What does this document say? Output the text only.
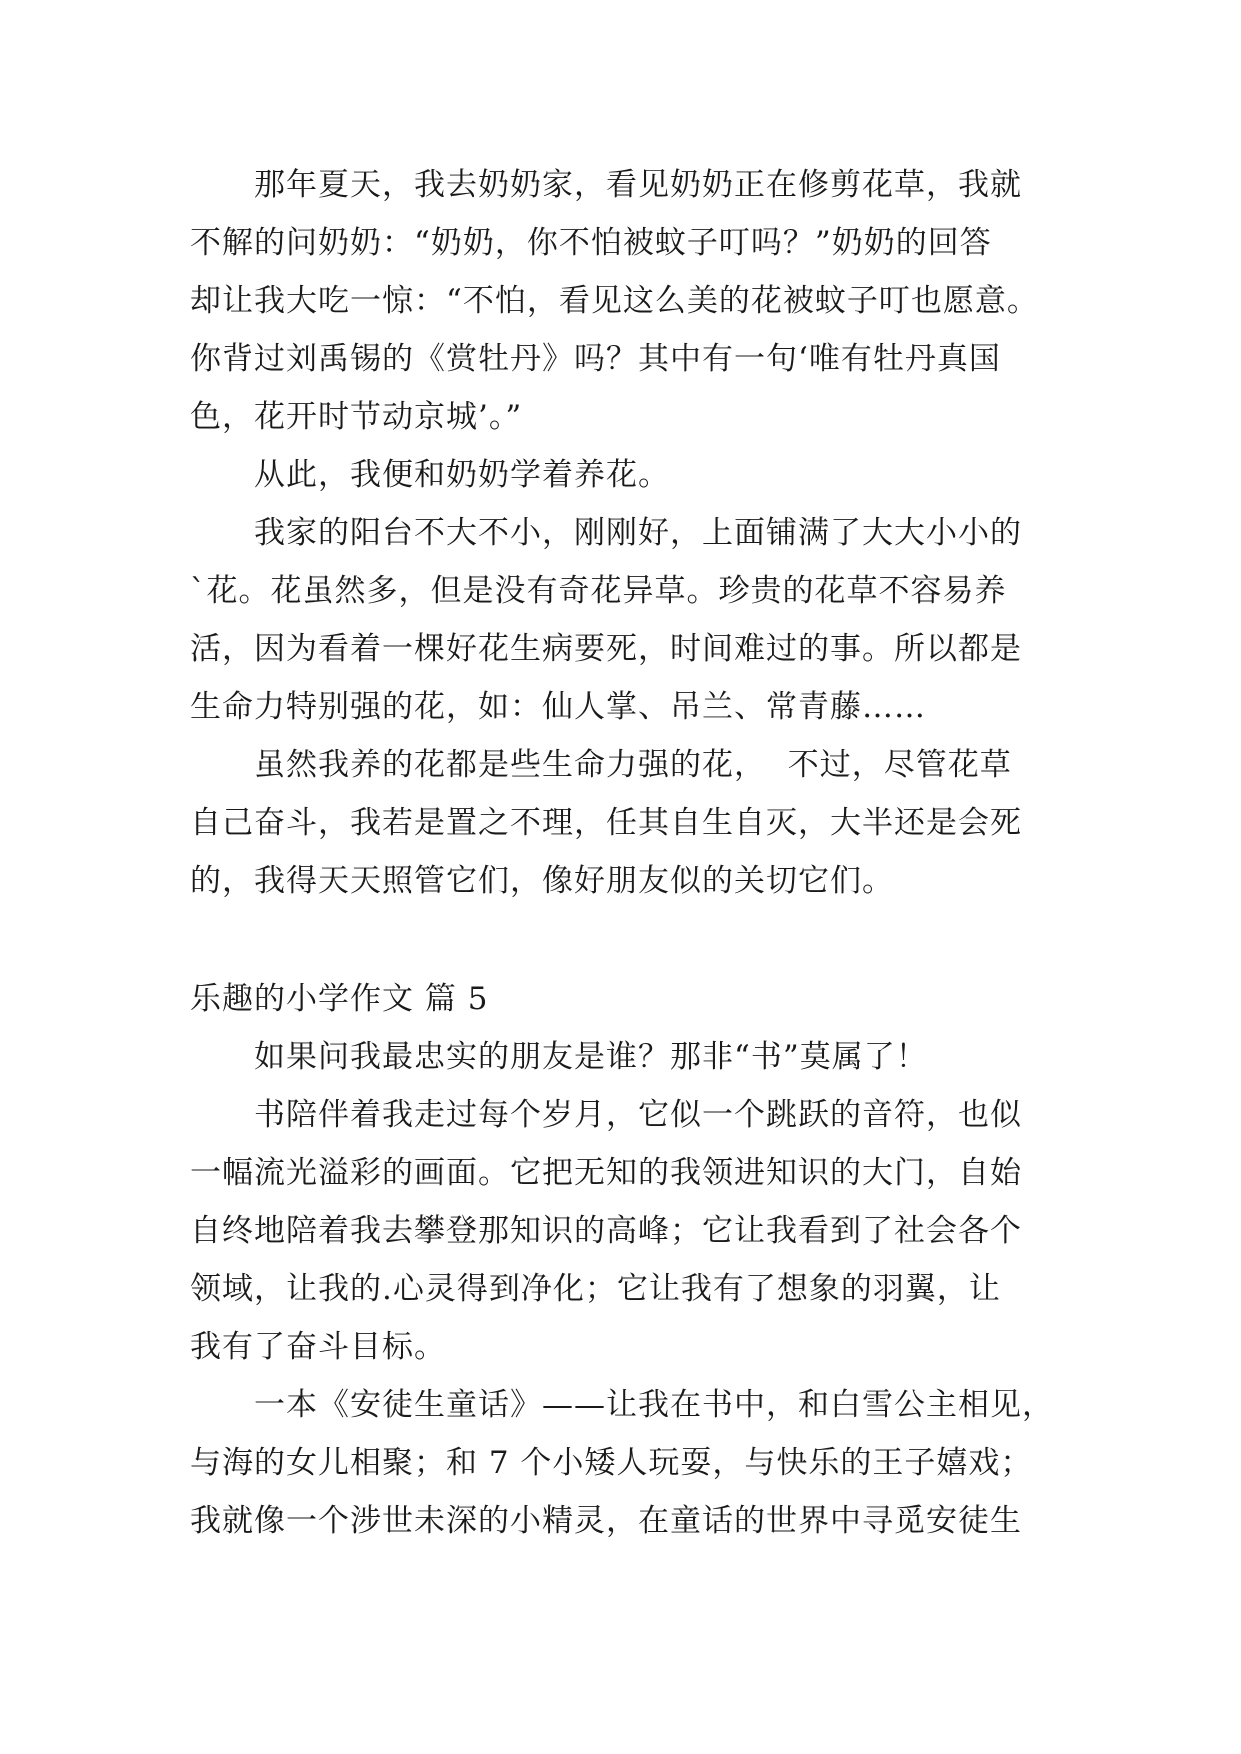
　　那年夏天，我去奶奶家，看见奶奶正在修剪花草，我就
不解的问奶奶：“奶奶，你不怕被蚊子叮吗？”奶奶的回答
却让我大吃一惊：“不怕，看见这么美的花被蚊子叮也愿意。
你背过刘禹锡的《赏牡丹》吗？其中有一句‘唯有牡丹真国
色，花开时节动京城’。”
　　从此，我便和奶奶学着养花。
　　我家的阳台不大不小，刚刚好，上面铺满了大大小小的
`花。花虽然多，但是没有奇花异草。珍贵的花草不容易养
活，因为看着一棵好花生病要死，时间难过的事。所以都是
生命力特别强的花，如：仙人掌、吊兰、常青藤……
　　虽然我养的花都是些生命力强的花，  不过，尽管花草
自己奋斗，我若是置之不理，任其自生自灭，大半还是会死
的，我得天天照管它们，像好朋友似的关切它们。
乐趣的小学作文 篇 5
　　如果问我最忠实的朋友是谁？那非“书”莫属了！
　　书陪伴着我走过每个岁月，它似一个跳跃的音符，也似
一幅流光溢彩的画面。它把无知的我领进知识的大门，自始
自终地陪着我去攀登那知识的高峰；它让我看到了社会各个
领域，让我的.心灵得到净化；它让我有了想象的羽翼，让
我有了奋斗目标。
　　一本《安徒生童话》——让我在书中，和白雪公主相见，
与海的女儿相聚；和 7 个小矮人玩耍，与快乐的王子嬉戏；
我就像一个涉世未深的小精灵，在童话的世界中寻觅安徒生
